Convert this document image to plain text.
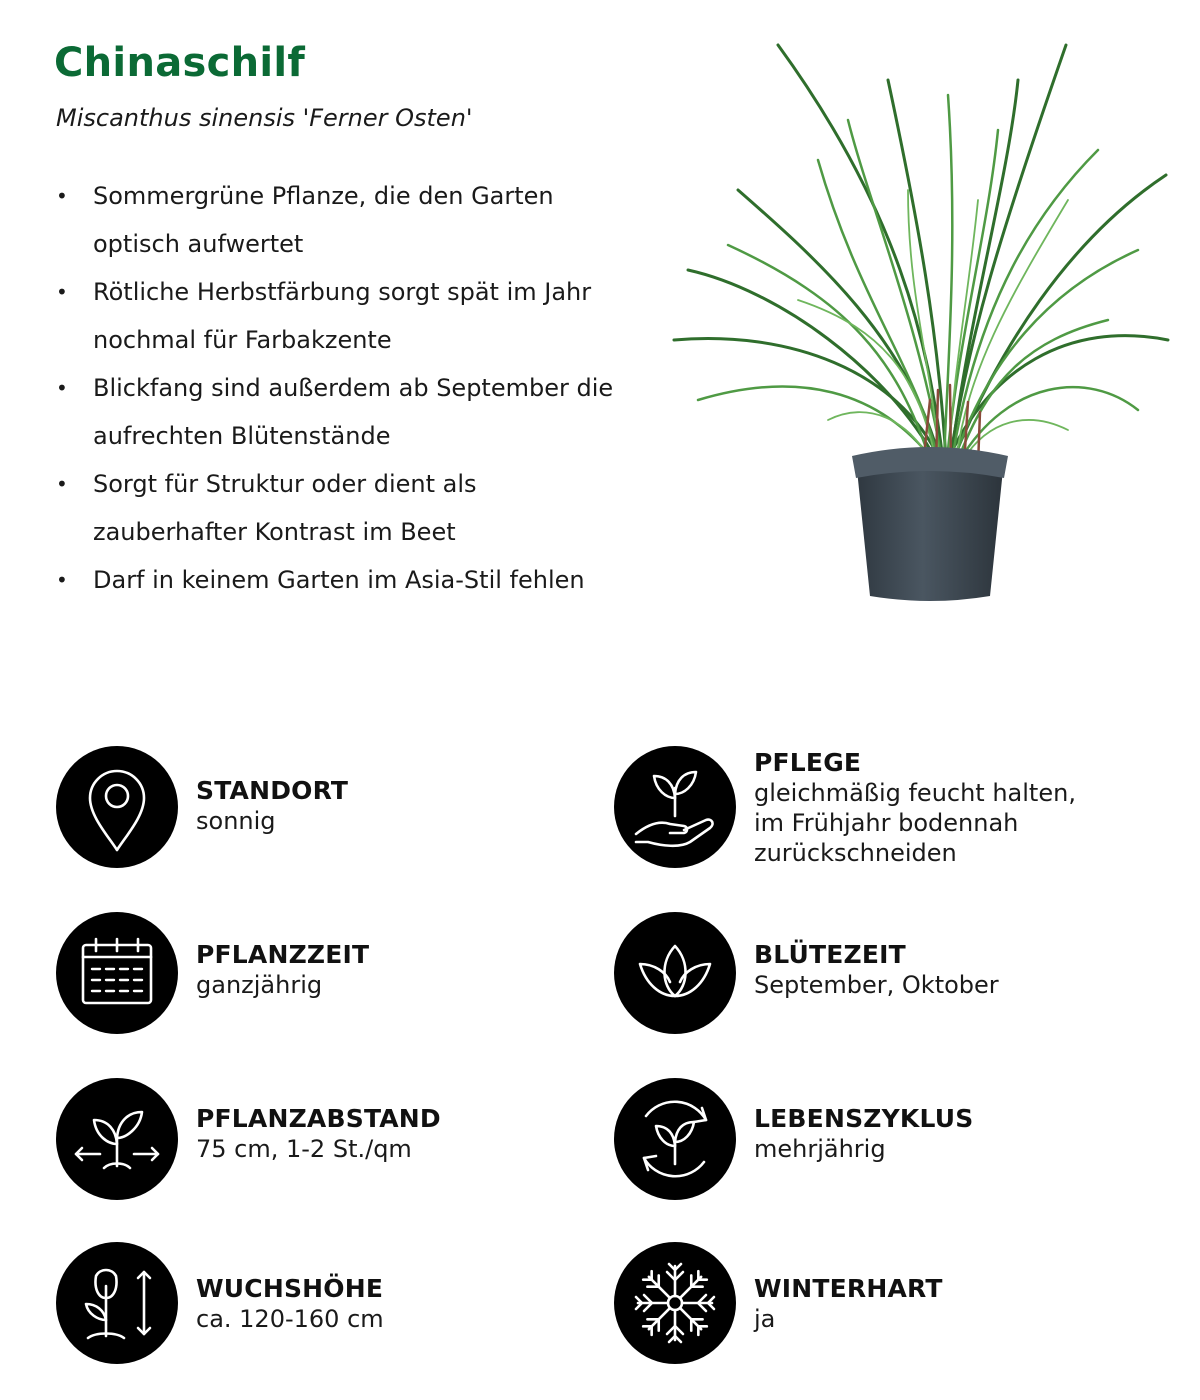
Chinaschilf

Miscanthus sinensis 'Ferner Osten'

• Sommergrüne Pflanze, die den Garten optisch aufwertet
• Rötliche Herbstfärbung sorgt spät im Jahr nochmal für Farbakzente
• Blickfang sind außerdem ab September die aufrechten Blütenstände
• Sorgt für Struktur oder dient als zauberhafter Kontrast im Beet
• Darf in keinem Garten im Asia-Stil fehlen
STANDORT
sonnig
PFLEGE
gleichmäßig feucht halten,
im Frühjahr bodennah
zurückschneiden
PFLANZZEIT
ganzjährig
BLÜTEZEIT
September, Oktober
PFLANZABSTAND
75 cm, 1-2 St./qm
LEBENSZYKLUS
mehrjährig
WUCHSHÖHE
ca. 120-160 cm
WINTERHART
ja
